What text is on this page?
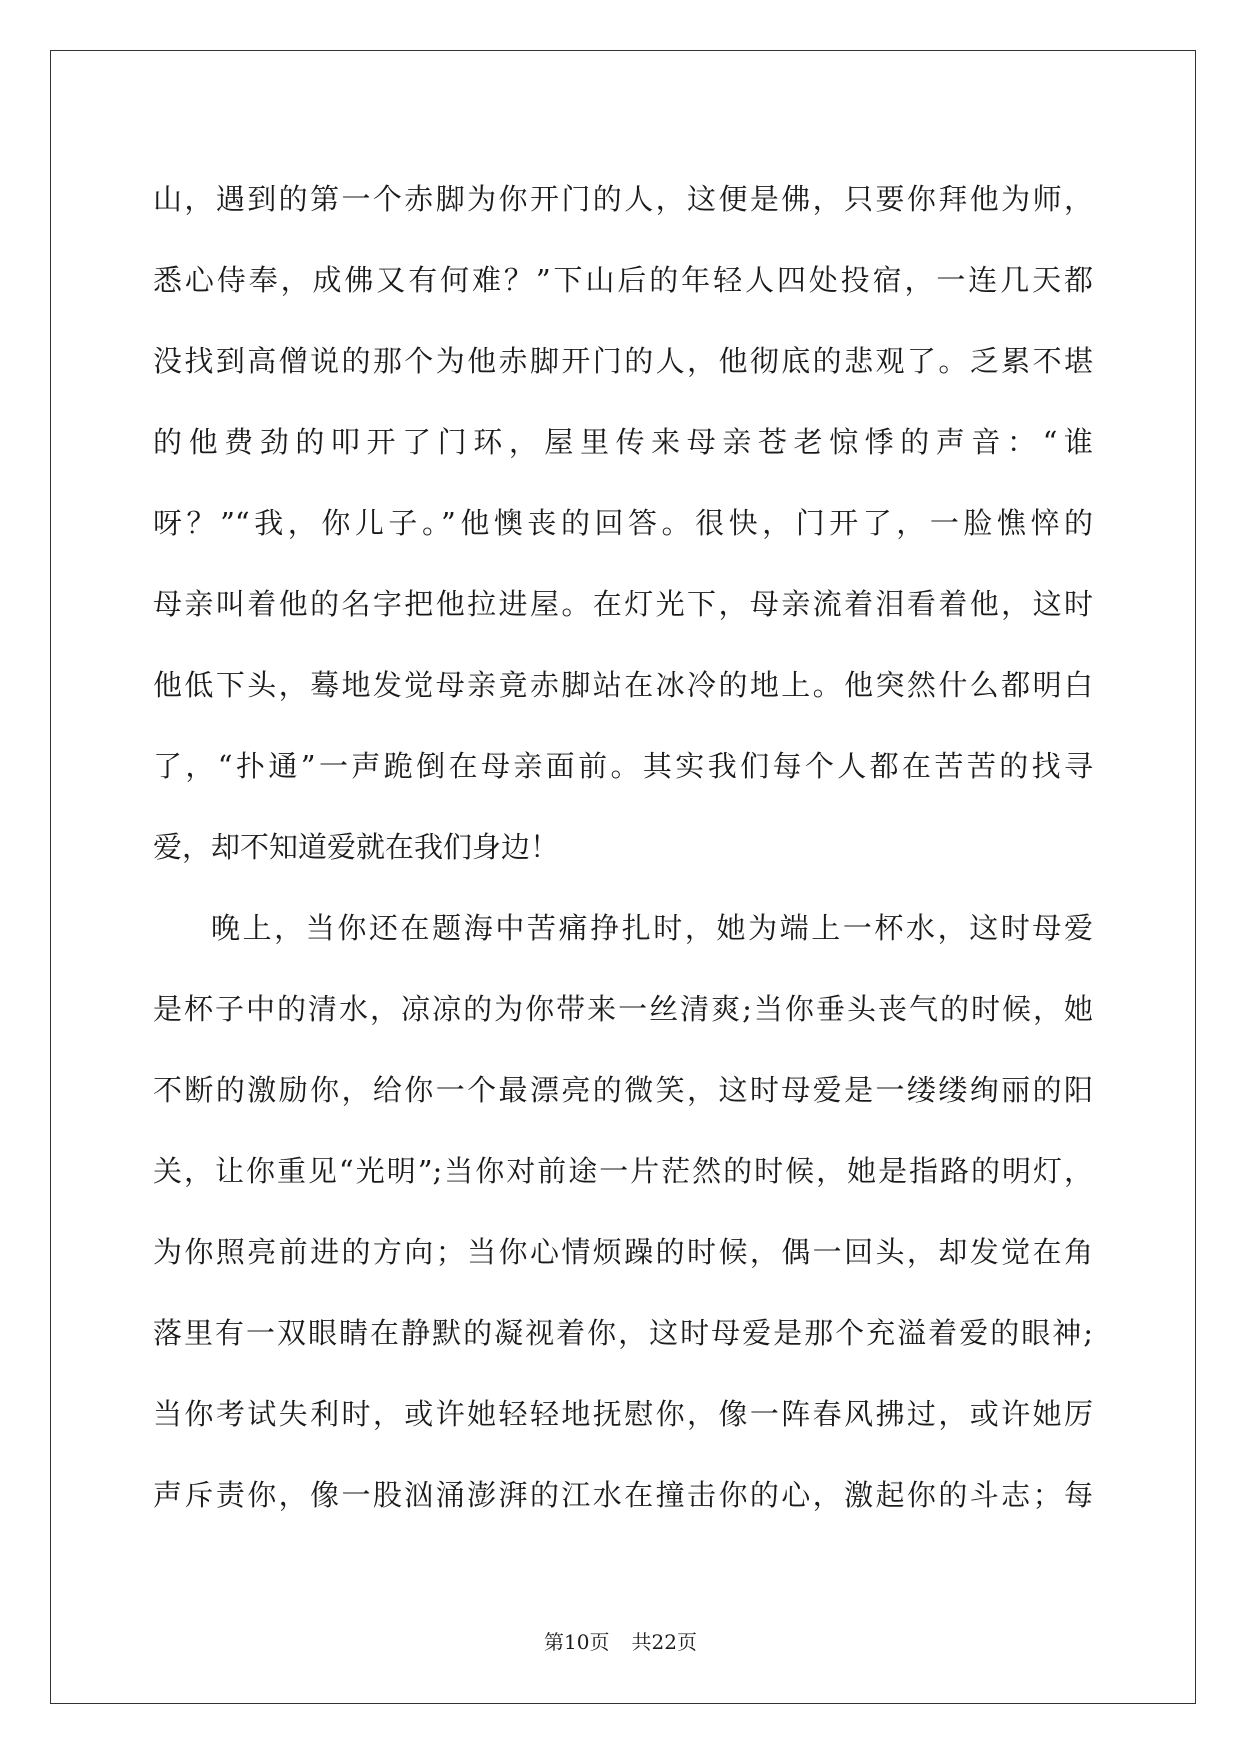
山，遇到的第一个赤脚为你开门的人，这便是佛，只要你拜他为师，
悉心侍奉，成佛又有何难？”下山后的年轻人四处投宿，一连几天都
没找到高僧说的那个为他赤脚开门的人，他彻底的悲观了。乏累不堪
的他费劲的叩开了门环，屋里传来母亲苍老惊悸的声音：“谁
呀？”“我，你儿子。”他懊丧的回答。很快，门开了，一脸憔悴的
母亲叫着他的名字把他拉进屋。在灯光下，母亲流着泪看着他，这时
他低下头，蓦地发觉母亲竟赤脚站在冰冷的地上。他突然什么都明白
了，“扑通”一声跪倒在母亲面前。其实我们每个人都在苦苦的找寻
爱，却不知道爱就在我们身边！
晚上，当你还在题海中苦痛挣扎时，她为端上一杯水，这时母爱
是杯子中的清水，凉凉的为你带来一丝清爽;当你垂头丧气的时候，她
不断的激励你，给你一个最漂亮的微笑，这时母爱是一缕缕绚丽的阳
关，让你重见“光明”;当你对前途一片茫然的时候，她是指路的明灯，
为你照亮前进的方向；当你心情烦躁的时候，偶一回头，却发觉在角
落里有一双眼睛在静默的凝视着你，这时母爱是那个充溢着爱的眼神;
当你考试失利时，或许她轻轻地抚慰你，像一阵春风拂过，或许她厉
声斥责你，像一股汹涌澎湃的江水在撞击你的心，激起你的斗志；每
第10页 共22页
